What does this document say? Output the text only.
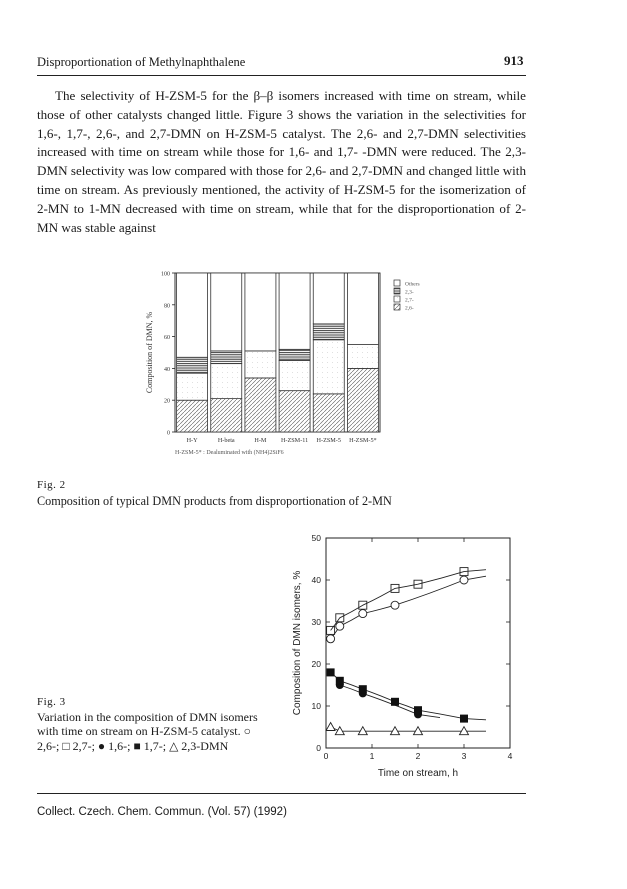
Disproportionation of Methylnaphthalene	913

The selectivity of H-ZSM-5 for the β–β isomers increased with time on stream, while those of other catalysts changed little. Figure 3 shows the variation in the selectivities for 1,6-, 1,7-, 2,6-, and 2,7-DMN on H-ZSM-5 catalyst. The 2,6- and 2,7-DMN selectivities increased with time on stream while those for 1,6- and 1,7- -DMN were reduced. The 2,3-DMN selectivity was low compared with those for 2,6- and 2,7-DMN and changed little with time on stream. As previously mentioned, the activity of H-ZSM-5 for the isomerization of 2-MN to 1-MN decreased with time on stream, while that for the disproportionation of 2-MN was stable against

0
20
40
60
80
100
Composition of DMN, %
H-Y	H-beta	H-M H-ZSM-11 H-ZSM-5 H-ZSM-5*
H-ZSM-5* : Dealuminated with (NH4)2SiF6
Others
2,3-
2,7-
2,6-
0
10
20
30
40
50
0	1	2	3	4
Time on stream, h
Composition of DMN isomers, %
Fig. 2
Composition of typical DMN products from disproportionation of 2-MN
Fig. 3
Variation in the composition of DMN isomers with time on stream on H-ZSM-5 catalyst. ○ 2,6-; □ 2,7-; ● 1,6-; ■ 1,7-; △ 2,3-DMN
Collect. Czech. Chem. Commun. (Vol. 57) (1992)
